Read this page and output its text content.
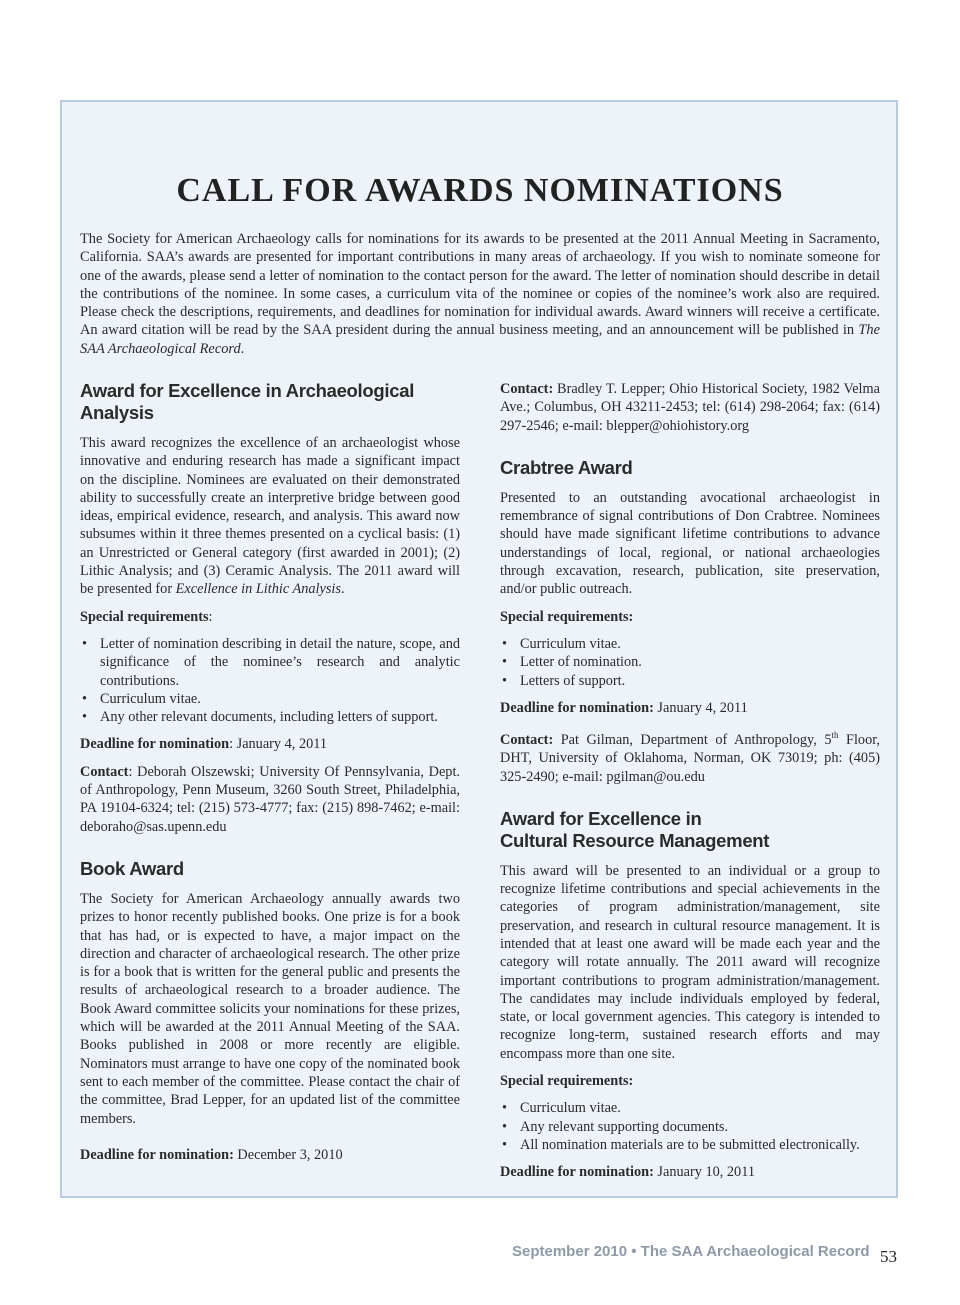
CALL FOR AWARDS NOMINATIONS

The Society for American Archaeology calls for nominations for its awards to be presented at the 2011 Annual Meeting in Sacramento, California. SAA’s awards are presented for important contributions in many areas of archaeology. If you wish to nominate someone for one of the awards, please send a letter of nomination to the contact person for the award. The letter of nomination should describe in detail the contributions of the nominee. In some cases, a curriculum vita of the nominee or copies of the nominee’s work also are required. Please check the descriptions, requirements, and deadlines for nomination for individual awards. Award winners will receive a certificate. An award citation will be read by the SAA president during the annual business meeting, and an announcement will be published in The SAA Archaeological Record.

Award for Excellence in Archaeological Analysis

This award recognizes the excellence of an archaeologist whose innovative and enduring research has made a significant impact on the discipline. Nominees are evaluated on their demonstrated ability to successfully create an interpretive bridge between good ideas, empirical evidence, research, and analysis. This award now subsumes within it three themes presented on a cyclical basis: (1) an Unrestricted or General category (first awarded in 2001); (2) Lithic Analysis; and (3) Ceramic Analysis. The 2011 award will be presented for Excellence in Lithic Analysis.

Special requirements:

• Letter of nomination describing in detail the nature, scope, and significance of the nominee’s research and analytic contributions.
• Curriculum vitae.
• Any other relevant documents, including letters of support.

Deadline for nomination: January 4, 2011

Contact: Deborah Olszewski; University Of Pennsylvania, Dept. of Anthropology, Penn Museum, 3260 South Street, Philadelphia, PA 19104-6324; tel: (215) 573-4777; fax: (215) 898-7462; e-mail: deboraho@sas.upenn.edu

Book Award

The Society for American Archaeology annually awards two prizes to honor recently published books. One prize is for a book that has had, or is expected to have, a major impact on the direction and character of archaeological research. The other prize is for a book that is written for the general public and presents the results of archaeological research to a broader audience. The Book Award committee solicits your nominations for these prizes, which will be awarded at the 2011 Annual Meeting of the SAA. Books published in 2008 or more recently are eligible. Nominators must arrange to have one copy of the nominated book sent to each member of the committee. Please contact the chair of the committee, Brad Lepper, for an updated list of the committee members.

Deadline for nomination: December 3, 2010

Contact: Bradley T. Lepper; Ohio Historical Society, 1982 Velma Ave.; Columbus, OH 43211-2453; tel: (614) 298-2064; fax: (614) 297-2546; e-mail: blepper@ohiohistory.org

Crabtree Award

Presented to an outstanding avocational archaeologist in remembrance of signal contributions of Don Crabtree. Nominees should have made significant lifetime contributions to advance understandings of local, regional, or national archaeologies through excavation, research, publication, site preservation, and/or public outreach.

Special requirements:

• Curriculum vitae.
• Letter of nomination.
• Letters of support.

Deadline for nomination: January 4, 2011

Contact: Pat Gilman, Department of Anthropology, 5th Floor, DHT, University of Oklahoma, Norman, OK 73019; ph: (405) 325-2490; e-mail: pgilman@ou.edu

Award for Excellence in
Cultural Resource Management

This award will be presented to an individual or a group to recognize lifetime contributions and special achievements in the categories of program administration/management, site preservation, and research in cultural resource management. It is intended that at least one award will be made each year and the category will rotate annually. The 2011 award will recognize important contributions to program administration/management. The candidates may include individuals employed by federal, state, or local government agencies. This category is intended to recognize long-term, sustained research efforts and may encompass more than one site.

Special requirements:

• Curriculum vitae.
• Any relevant supporting documents.
• All nomination materials are to be submitted electronically.

Deadline for nomination: January 10, 2011

September 2010 • The SAA Archaeological Record 53
